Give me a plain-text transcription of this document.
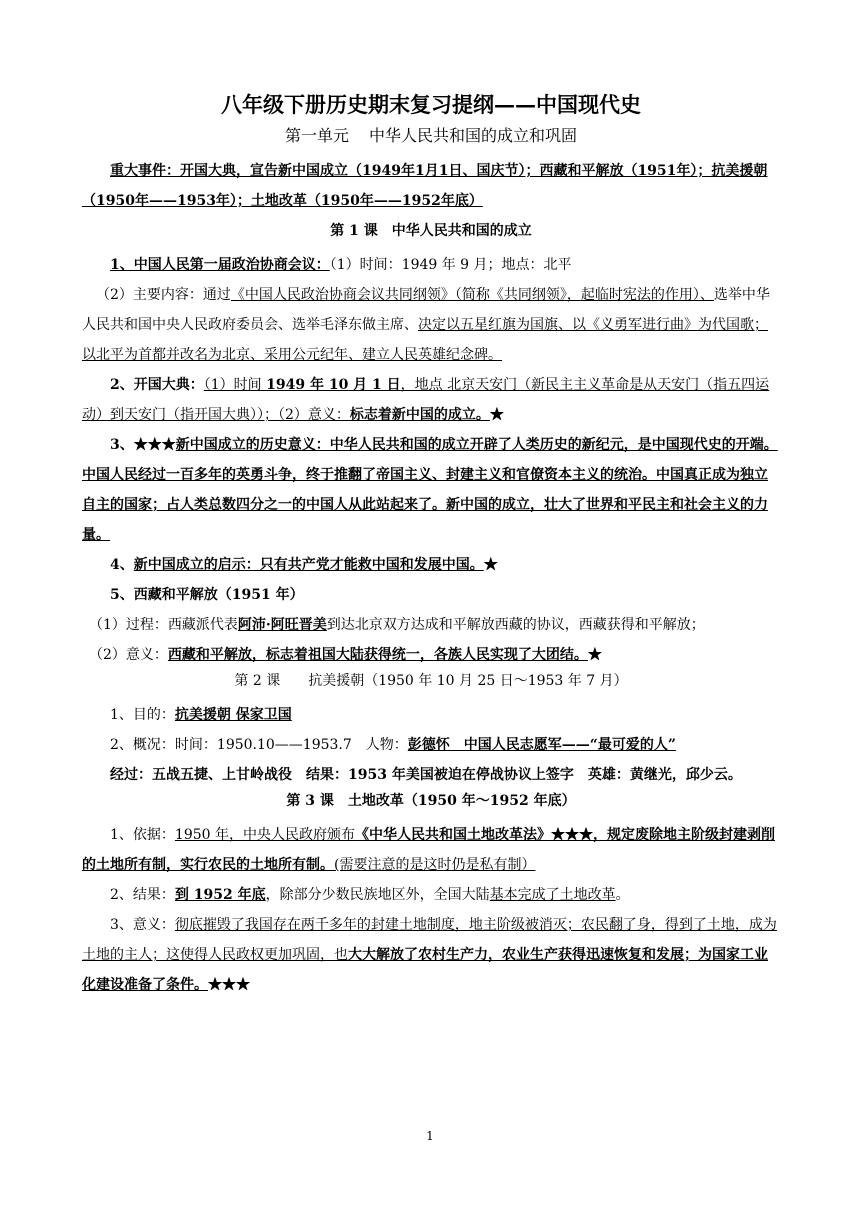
八年级下册历史期末复习提纲——中国现代史
第一单元 中华人民共和国的成立和巩固

重大事件：开国大典，宣告新中国成立（1949年1月1日、国庆节）；西藏和平解放（1951年）；抗美援朝（1950年——1953年）；土地改革（1950年——1952年底）

第 1 课　中华人民共和国的成立

1、中国人民第一届政治协商会议：（1）时间：1949 年 9 月；地点：北平

（2）主要内容：通过《中国人民政治协商会议共同纲领》（简称《共同纲领》，起临时宪法的作用）、选举中华人民共和国中央人民政府委员会、选举毛泽东做主席、决定以五星红旗为国旗、以《义勇军进行曲》为代国歌；以北平为首都并改名为北京、采用公元纪年、建立人民英雄纪念碑。

2、开国大典：（1）时间 1949 年 10 月 1 日，地点 北京天安门（新民主主义革命是从天安门（指五四运动）到天安门（指开国大典））；（2）意义：标志着新中国的成立。★

3、★★★新中国成立的历史意义：中华人民共和国的成立开辟了人类历史的新纪元，是中国现代史的开端。中国人民经过一百多年的英勇斗争，终于推翻了帝国主义、封建主义和官僚资本主义的统治。中国真正成为独立自主的国家；占人类总数四分之一的中国人从此站起来了。新中国的成立，壮大了世界和平民主和社会主义的力量。

4、新中国成立的启示：只有共产党才能救中国和发展中国。★

5、西藏和平解放（1951 年）

（1）过程：西藏派代表阿沛·阿旺晋美到达北京双方达成和平解放西藏的协议，西藏获得和平解放；

（2）意义：西藏和平解放，标志着祖国大陆获得统一，各族人民实现了大团结。★

第 2 课　　抗美援朝（1950 年 10 月 25 日～1953 年 7 月）

1、目的：抗美援朝 保家卫国

2、概况：时间：1950.10——1953.7　人物：彭德怀　中国人民志愿军——“最可爱的人”

经过：五战五捷、上甘岭战役　结果：1953 年美国被迫在停战协议上签字　英雄：黄继光，邱少云。

第 3 课　土地改革（1950 年～1952 年底）

1、依据：1950 年，中央人民政府颁布《中华人民共和国土地改革法》★★★，规定废除地主阶级封建剥削的土地所有制，实行农民的土地所有制。(需要注意的是这时仍是私有制）

2、结果：到 1952 年底，除部分少数民族地区外，全国大陆基本完成了土地改革。

3、意义：彻底摧毁了我国存在两千多年的封建土地制度，地主阶级被消灭；农民翻了身，得到了土地，成为土地的主人；这使得人民政权更加巩固，也大大解放了农村生产力，农业生产获得迅速恢复和发展；为国家工业化建设准备了条件。★★★

1
